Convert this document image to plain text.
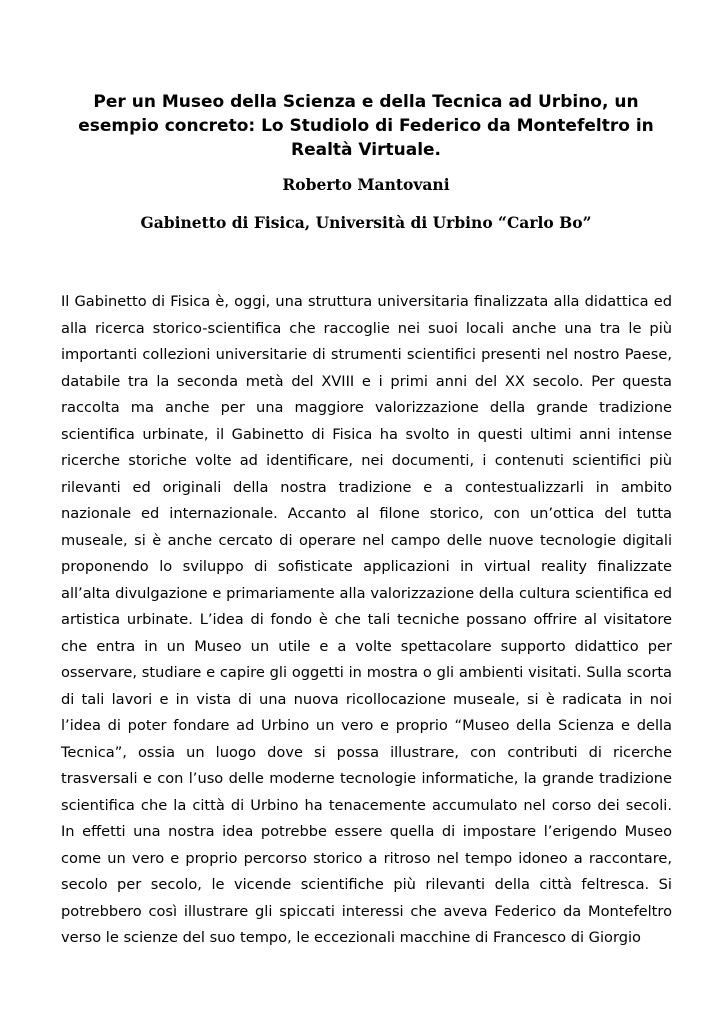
Per un Museo della Scienza e della Tecnica ad Urbino, un esempio concreto: Lo Studiolo di Federico da Montefeltro in Realtà Virtuale.
Roberto Mantovani
Gabinetto di Fisica, Università di Urbino “Carlo Bo”

Il Gabinetto di Fisica è, oggi, una struttura universitaria finalizzata alla didattica ed alla ricerca storico-scientifica che raccoglie nei suoi locali anche una tra le più importanti collezioni universitarie di strumenti scientifici presenti nel nostro Paese, databile tra la seconda metà del XVIII e i primi anni del XX secolo. Per questa raccolta ma anche per una maggiore valorizzazione della grande tradizione scientifica urbinate, il Gabinetto di Fisica ha svolto in questi ultimi anni intense ricerche storiche volte ad identificare, nei documenti, i contenuti scientifici più rilevanti ed originali della nostra tradizione e a contestualizzarli in ambito nazionale ed internazionale. Accanto al filone storico, con un’ottica del tutta museale, si è anche cercato di operare nel campo delle nuove tecnologie digitali proponendo lo sviluppo di sofisticate applicazioni in virtual reality finalizzate all’alta divulgazione e primariamente alla valorizzazione della cultura scientifica ed artistica urbinate. L’idea di fondo è che tali tecniche possano offrire al visitatore che entra in un Museo un utile e a volte spettacolare supporto didattico per osservare, studiare e capire gli oggetti in mostra o gli ambienti visitati. Sulla scorta di tali lavori e in vista di una nuova ricollocazione museale, si è radicata in noi l’idea di poter fondare ad Urbino un vero e proprio “Museo della Scienza e della Tecnica”, ossia un luogo dove si possa illustrare, con contributi di ricerche trasversali e con l’uso delle moderne tecnologie informatiche, la grande tradizione scientifica che la città di Urbino ha tenacemente accumulato nel corso dei secoli. In effetti una nostra idea potrebbe essere quella di impostare l’erigendo Museo come un vero e proprio percorso storico a ritroso nel tempo idoneo a raccontare, secolo per secolo, le vicende scientifiche più rilevanti della città feltresca. Si potrebbero così illustrare gli spiccati interessi che aveva Federico da Montefeltro verso le scienze del suo tempo, le eccezionali macchine di Francesco di Giorgio
